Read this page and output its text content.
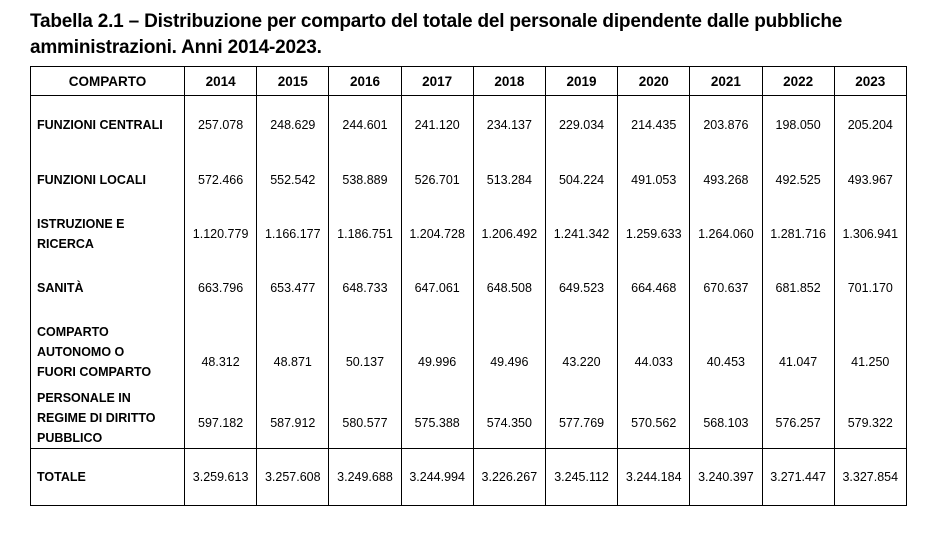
Tabella 2.1 – Distribuzione per comparto del totale del personale dipendente dalle pubbliche amministrazioni. Anni 2014-2023.
COMPARTO	2014	2015	2016	2017	2018	2019	2020	2021	2022	2023

FUNZIONI CENTRALI	257.078	248.629	244.601	241.120	234.137	229.034	214.435	203.876	198.050	205.204

FUNZIONI LOCALI	572.466	552.542	538.889	526.701	513.284	504.224	491.053	493.268	492.525	493.967

ISTRUZIONE E
RICERCA	1.120.779	1.166.177	1.186.751	1.204.728	1.206.492	1.241.342	1.259.633	1.264.060	1.281.716	1.306.941

SANITÀ	663.796	653.477	648.733	647.061	648.508	649.523	664.468	670.637	681.852	701.170

COMPARTO
AUTONOMO O
FUORI COMPARTO	48.312	48.871	50.137	49.996	49.496	43.220	44.033	40.453	41.047	41.250

PERSONALE IN
REGIME DI DIRITTO
PUBBLICO	597.182	587.912	580.577	575.388	574.350	577.769	570.562	568.103	576.257	579.322
TOTALE	3.259.613	3.257.608	3.249.688	3.244.994	3.226.267	3.245.112	3.244.184	3.240.397	3.271.447	3.327.854
